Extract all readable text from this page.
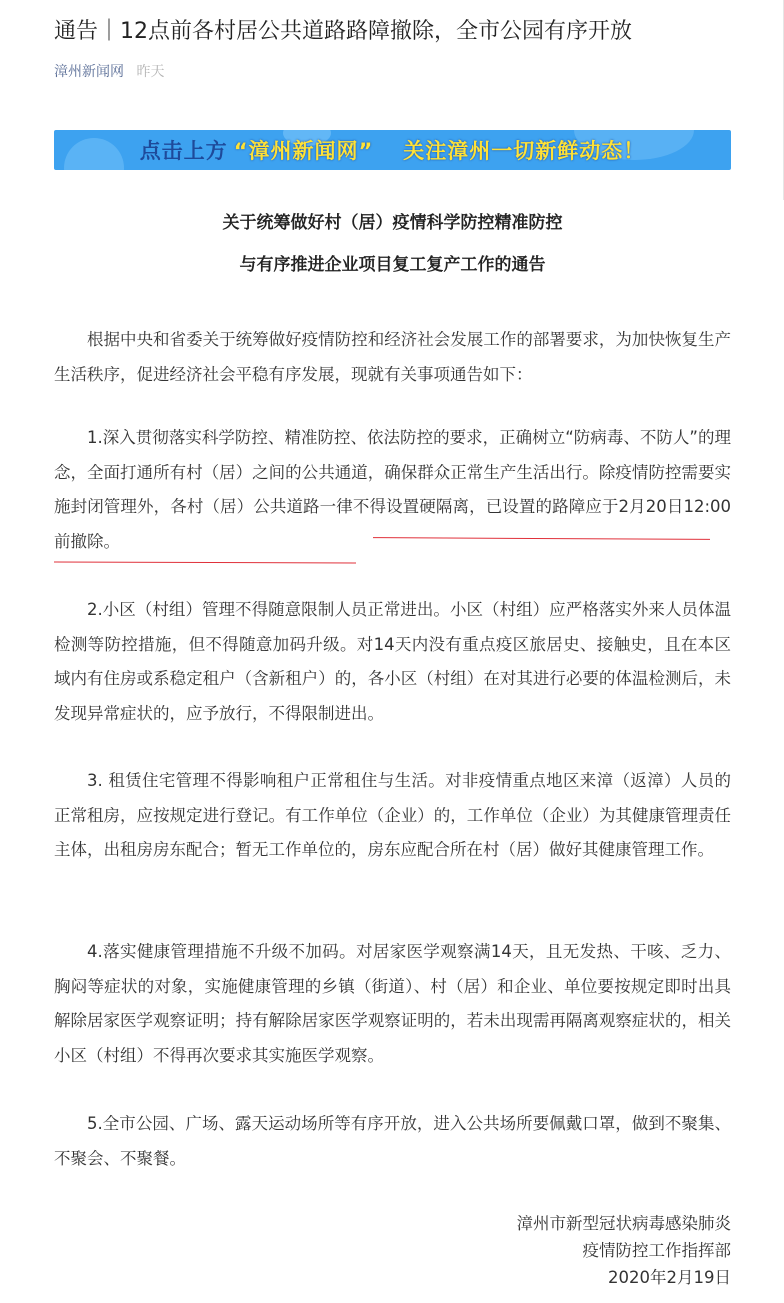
通告｜12点前各村居公共道路路障撤除，全市公园有序开放
漳州新闻网 昨天
点击上方 “漳州新闻网” 关注漳州一切新鲜动态！
关于统筹做好村（居）疫情科学防控精准防控
与有序推进企业项目复工复产工作的通告

根据中央和省委关于统筹做好疫情防控和经济社会发展工作的部署要求，为加快恢复生产生活秩序，促进经济社会平稳有序发展，现就有关事项通告如下：

1.深入贯彻落实科学防控、精准防控、依法防控的要求，正确树立“防病毒、不防人”的理念，全面打通所有村（居）之间的公共通道，确保群众正常生产生活出行。除疫情防控需要实施封闭管理外，各村（居）公共道路一律不得设置硬隔离，已设置的路障应于2月20日12:00前撤除。

2.小区（村组）管理不得随意限制人员正常进出。小区（村组）应严格落实外来人员体温检测等防控措施，但不得随意加码升级。对14天内没有重点疫区旅居史、接触史，且在本区域内有住房或系稳定租户（含新租户）的，各小区（村组）在对其进行必要的体温检测后，未发现异常症状的，应予放行，不得限制进出。

3. 租赁住宅管理不得影响租户正常租住与生活。对非疫情重点地区来漳（返漳）人员的正常租房，应按规定进行登记。有工作单位（企业）的，工作单位（企业）为其健康管理责任主体，出租房房东配合；暂无工作单位的，房东应配合所在村（居）做好其健康管理工作。

4.落实健康管理措施不升级不加码。对居家医学观察满14天，且无发热、干咳、乏力、胸闷等症状的对象，实施健康管理的乡镇（街道）、村（居）和企业、单位要按规定即时出具解除居家医学观察证明；持有解除居家医学观察证明的，若未出现需再隔离观察症状的，相关小区（村组）不得再次要求其实施医学观察。

5.全市公园、广场、露天运动场所等有序开放，进入公共场所要佩戴口罩，做到不聚集、不聚会、不聚餐。

漳州市新型冠状病毒感染肺炎
疫情防控工作指挥部
2020年2月19日
